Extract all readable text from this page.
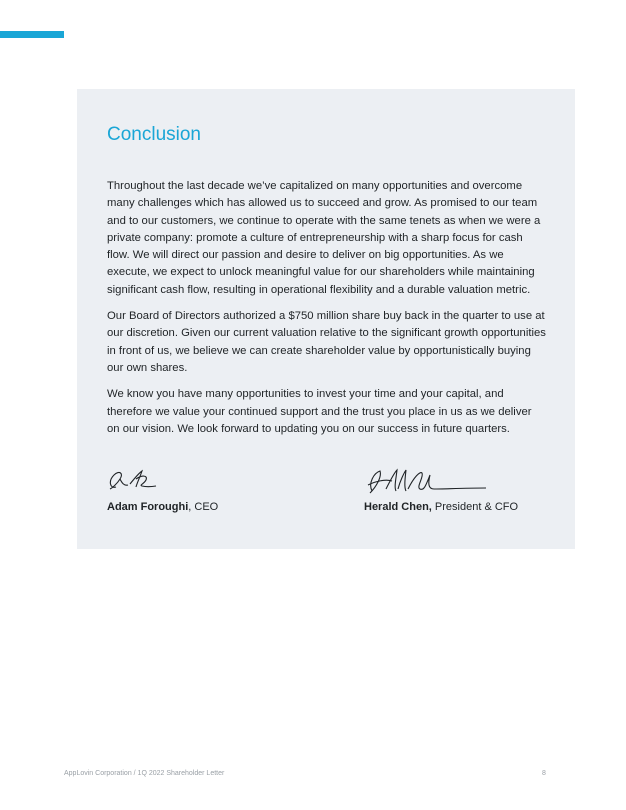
Conclusion

Throughout the last decade we’ve capitalized on many opportunities and overcome many challenges which has allowed us to succeed and grow. As promised to our team and to our customers, we continue to operate with the same tenets as when we were a private company: promote a culture of entrepreneurship with a sharp focus for cash flow. We will direct our passion and desire to deliver on big opportunities. As we execute, we expect to unlock meaningful value for our shareholders while maintaining significant cash flow, resulting in operational flexibility and a durable valuation metric.

Our Board of Directors authorized a $750 million share buy back in the quarter to use at our discretion. Given our current valuation relative to the significant growth opportunities in front of us, we believe we can create shareholder value by opportunistically buying our own shares.

We know you have many opportunities to invest your time and your capital, and therefore we value your continued support and the trust you place in us as we deliver on our vision. We look forward to updating you on our success in future quarters.

Adam Foroughi, CEO	Herald Chen, President & CFO
AppLovin Corporation / 1Q 2022 Shareholder Letter	8
